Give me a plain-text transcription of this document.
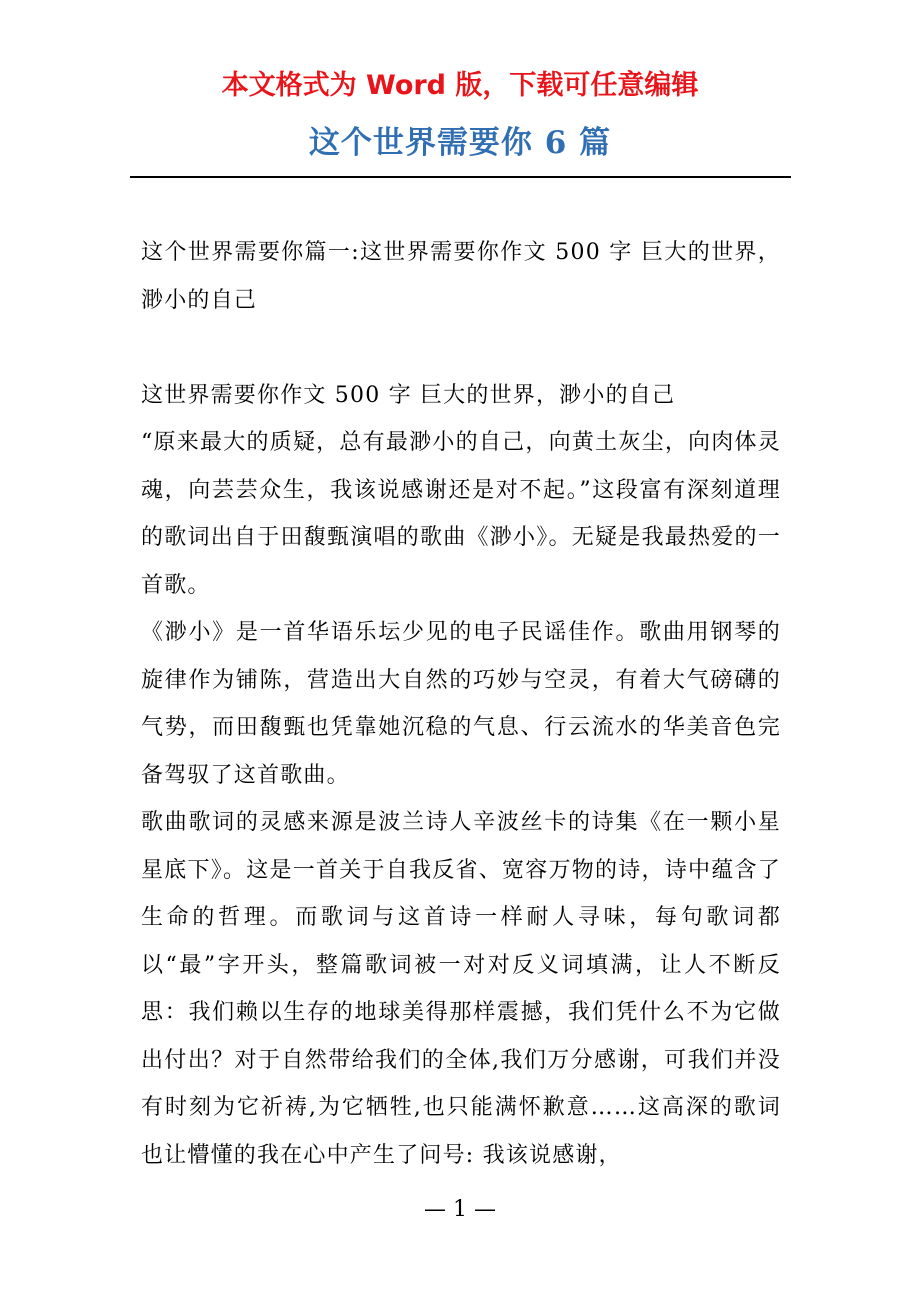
本文格式为 Word 版，下载可任意编辑
这个世界需要你 6 篇

这个世界需要你篇一:这世界需要你作文 500 字 巨大的世界，渺小的自己

这世界需要你作文 500 字 巨大的世界，渺小的自己

“原来最大的质疑，总有最渺小的自己，向黄土灰尘，向肉体灵魂，向芸芸众生，我该说感谢还是对不起。”这段富有深刻道理的歌词出自于田馥甄演唱的歌曲《渺小》。无疑是我最热爱的一首歌。

《渺小》是一首华语乐坛少见的电子民谣佳作。歌曲用钢琴的旋律作为铺陈，营造出大自然的巧妙与空灵，有着大气磅礴的气势，而田馥甄也凭靠她沉稳的气息、行云流水的华美音色完备驾驭了这首歌曲。

歌曲歌词的灵感来源是波兰诗人辛波丝卡的诗集《在一颗小星星底下》。这是一首关于自我反省、宽容万物的诗，诗中蕴含了生命的哲理。而歌词与这首诗一样耐人寻味，每句歌词都以“最”字开头，整篇歌词被一对对反义词填满，让人不断反思：我们赖以生存的地球美得那样震撼，我们凭什么不为它做出付出？对于自然带给我们的全体,我们万分感谢，可我们并没有时刻为它祈祷,为它牺牲,也只能满怀歉意……这高深的歌词也让懵懂的我在心中产生了问号: 我该说感谢，

— 1 —
